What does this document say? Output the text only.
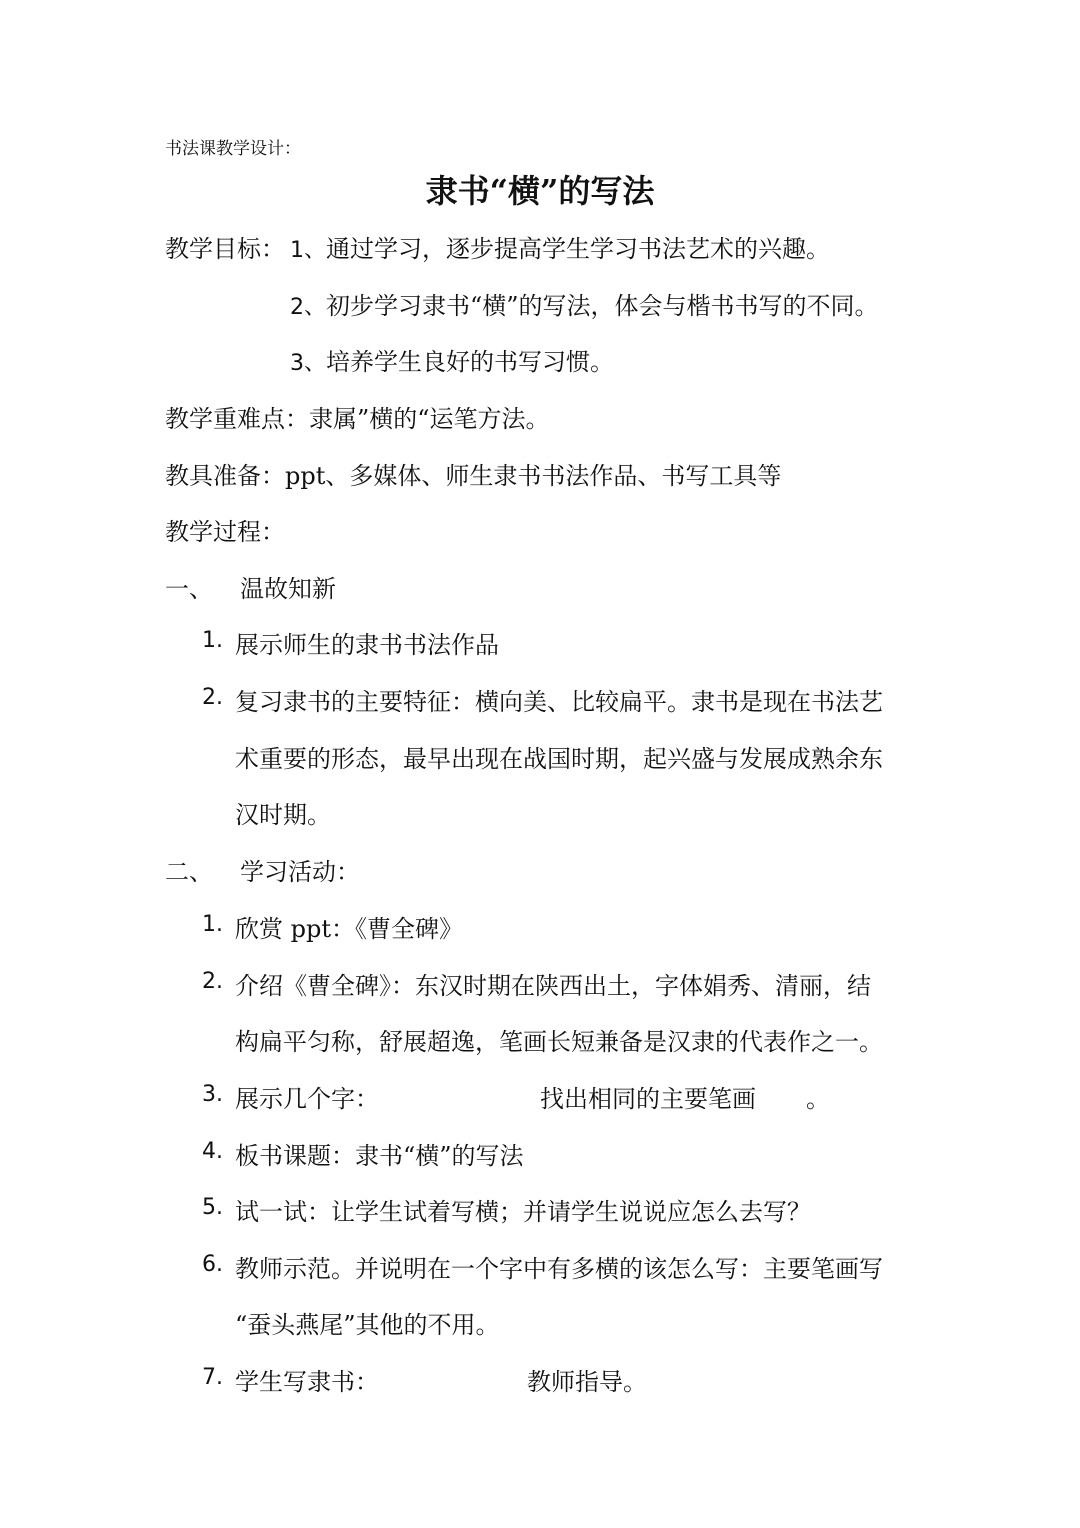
书法课教学设计：
隶书“横”的写法
教学目标： 1、通过学习，逐步提高学生学习书法艺术的兴趣。
2、初步学习隶书“横”的写法，体会与楷书书写的不同。
3、培养学生良好的书写习惯。
教学重难点：隶属”横的“运笔方法。
教具准备：ppt、多媒体、师生隶书书法作品、书写工具等
教学过程：
一、 温故知新
1. 展示师生的隶书书法作品
2. 复习隶书的主要特征：横向美、比较扁平。隶书是现在书法艺
术重要的形态，最早出现在战国时期，起兴盛与发展成熟余东
汉时期。
二、 学习活动：
1. 欣赏 ppt：《曹全碑》
2. 介绍《曹全碑》：东汉时期在陕西出土，字体娟秀、清丽，结
构扁平匀称，舒展超逸，笔画长短兼备是汉隶的代表作之一。
3. 展示几个字：	找出相同的主要笔画 。
4. 板书课题：隶书“横”的写法
5. 试一试：让学生试着写横；并请学生说说应怎么去写？
6. 教师示范。并说明在一个字中有多横的该怎么写：主要笔画写
“蚕头燕尾”其他的不用。
7. 学生写隶书：	教师指导。
